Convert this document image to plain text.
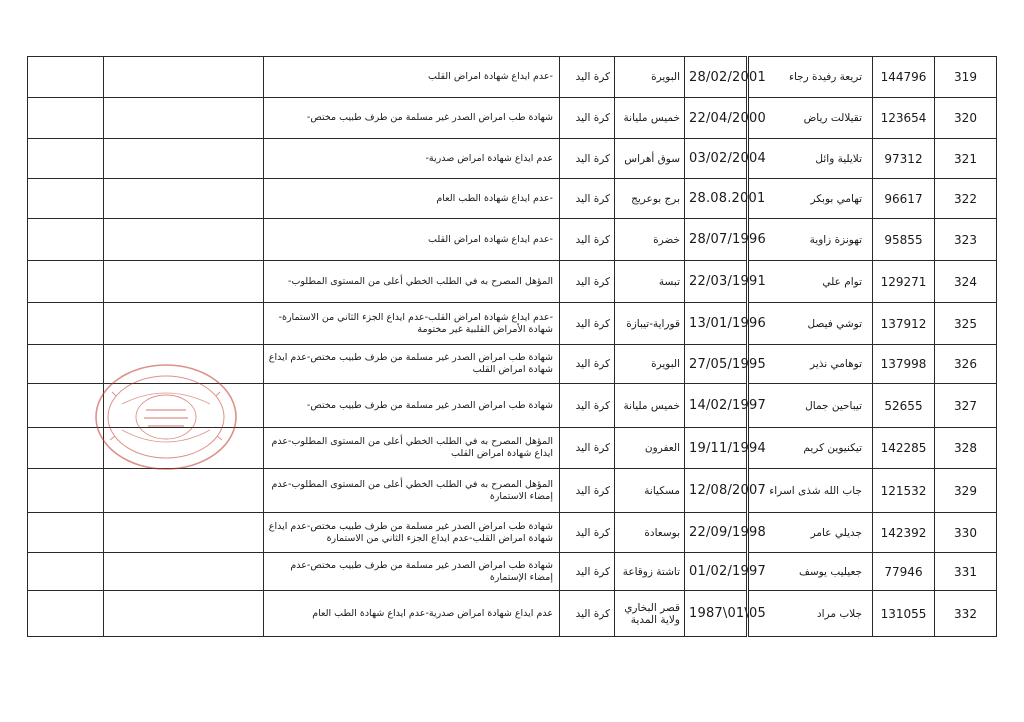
		-عدم ايداع شهادة امراض القلب	كرة اليد	البويرة	28/02/2001		تريعة رفيدة رجاء	144796	319
		شهادة طب امراض الصدر غير مسلمة من طرف طبيب مختص-	كرة اليد	خميس مليانة	22/04/2000		تقيلالت رياض	123654	320
		عدم ايداع شهادة امراض صدرية-	كرة اليد	سوق أهراس	03/02/2004		تلايلية وائل	97312	321
		-عدم ايداع شهادة الطب العام	كرة اليد	برج بوعريج	28.08.2001		تهامي بوبكر	96617	322
		-عدم ايداع شهادة امراض القلب	كرة اليد	خضرة	28/07/1996		تهونزة زاوية	95855	323
		المؤهل المصرح به في الطلب الخطي أعلى من المستوى المطلوب-	كرة اليد	تبسة	22/03/1991		توام علي	129271	324
		-عدم ايداع شهادة امراض القلب-عدم ايداع الجزء الثاني من الاستمارة-شهادة الأمراض القلبية غير مختومة	كرة اليد	قوراية-تيبازة	13/01/1996		توشي فيصل	137912	325
		شهادة طب امراض الصدر غير مسلمة من طرف طبيب مختص-عدم ايداع شهادة امراض القلب	كرة اليد	البويرة	27/05/1995		توهامي نذير	137998	326
		شهادة طب امراض الصدر غير مسلمة من طرف طبيب مختص-	كرة اليد	خميس مليانة	14/02/1997		تيباحين جمال	52655	327
		المؤهل المصرح به في الطلب الخطي أعلى من المستوى المطلوب-عدم ايداع شهادة امراض القلب	كرة اليد	العفرون	19/11/1994		تيكنيوين كريم	142285	328
		المؤهل المصرح به في الطلب الخطي أعلى من المستوى المطلوب-عدم إمضاء الاستمارة	كرة اليد	مسكيانة	12/08/2007		جاب الله شذى اسراء	121532	329
		شهادة طب امراض الصدر غير مسلمة من طرف طبيب مختص-عدم ايداع شهادة امراض القلب-عدم ايداع الجزء الثاني من الاستمارة	كرة اليد	بوسعادة	22/09/1998		جديلي عامر	142392	330
		شهادة طب امراض الصدر غير مسلمة من طرف طبيب مختص-عدم إمضاء الإستمارة	كرة اليد	تاشتة زوقاعة	01/02/1997		جعيليب يوسف	77946	331
		عدم ايداع شهادة امراض صدرية-عدم ايداع شهادة الطب العام	كرة اليد	قصر البخاري ولاية المدية	1987\01\05		جلاب مراد	131055	332
